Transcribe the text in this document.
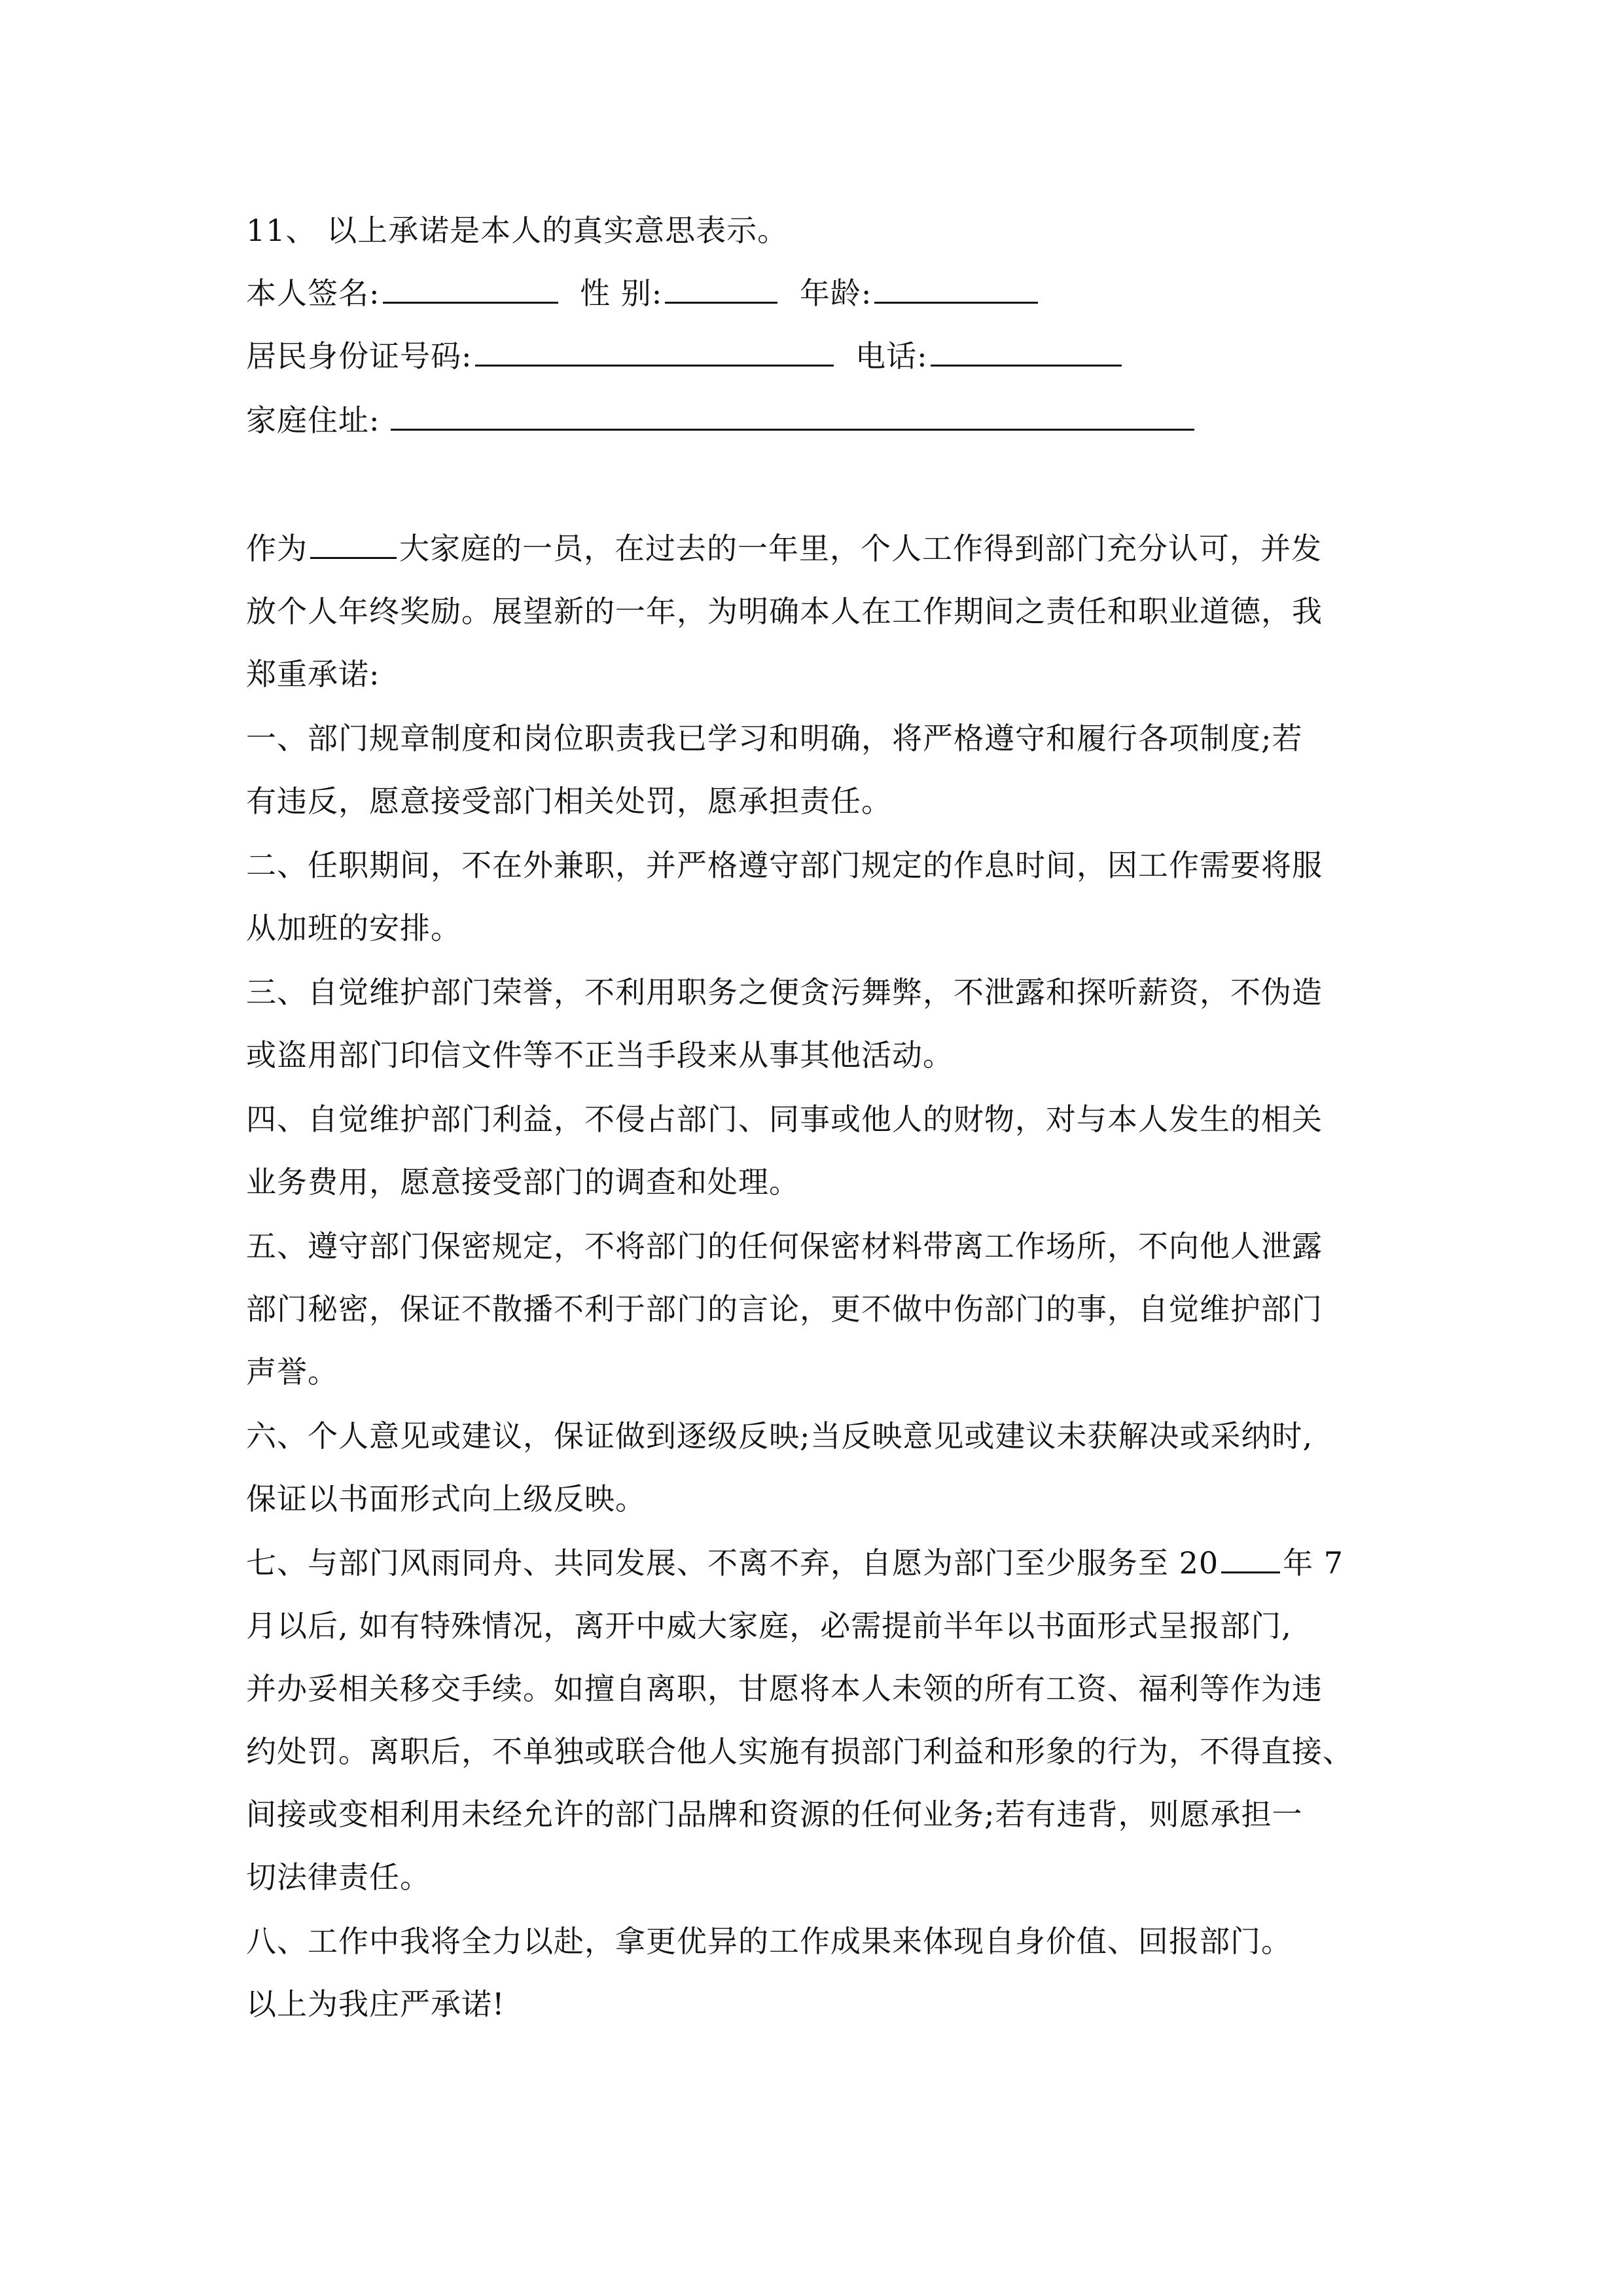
11、 以上承诺是本人的真实意思表示。
本人签名:	性 别:	年龄:
居民身份证号码:	电话:
家庭住址:
作为	大家庭的一员，在过去的一年里，个人工作得到部门充分认可，并发
放个人年终奖励。展望新的一年，为明确本人在工作期间之责任和职业道德，我
郑重承诺:
一、部门规章制度和岗位职责我已学习和明确，将严格遵守和履行各项制度;若
有违反，愿意接受部门相关处罚，愿承担责任。
二、任职期间，不在外兼职，并严格遵守部门规定的作息时间，因工作需要将服
从加班的安排。
三、自觉维护部门荣誉，不利用职务之便贪污舞弊，不泄露和探听薪资，不伪造
或盗用部门印信文件等不正当手段来从事其他活动。
四、自觉维护部门利益，不侵占部门、同事或他人的财物，对与本人发生的相关
业务费用，愿意接受部门的调查和处理。
五、遵守部门保密规定，不将部门的任何保密材料带离工作场所，不向他人泄露
部门秘密，保证不散播不利于部门的言论，更不做中伤部门的事，自觉维护部门
声誉。
六、个人意见或建议，保证做到逐级反映;当反映意见或建议未获解决或采纳时,
保证以书面形式向上级反映。
七、与部门风雨同舟、共同发展、不离不弃，自愿为部门至少服务至 20 年 7
月以后, 如有特殊情况，离开中威大家庭，必需提前半年以书面形式呈报部门,
并办妥相关移交手续。如擅自离职，甘愿将本人未领的所有工资、福利等作为违
约处罚。离职后，不单独或联合他人实施有损部门利益和形象的行为，不得直接、
间接或变相利用未经允许的部门品牌和资源的任何业务;若有违背，则愿承担一
切法律责任。
八、工作中我将全力以赴，拿更优异的工作成果来体现自身价值、回报部门。
以上为我庄严承诺!
